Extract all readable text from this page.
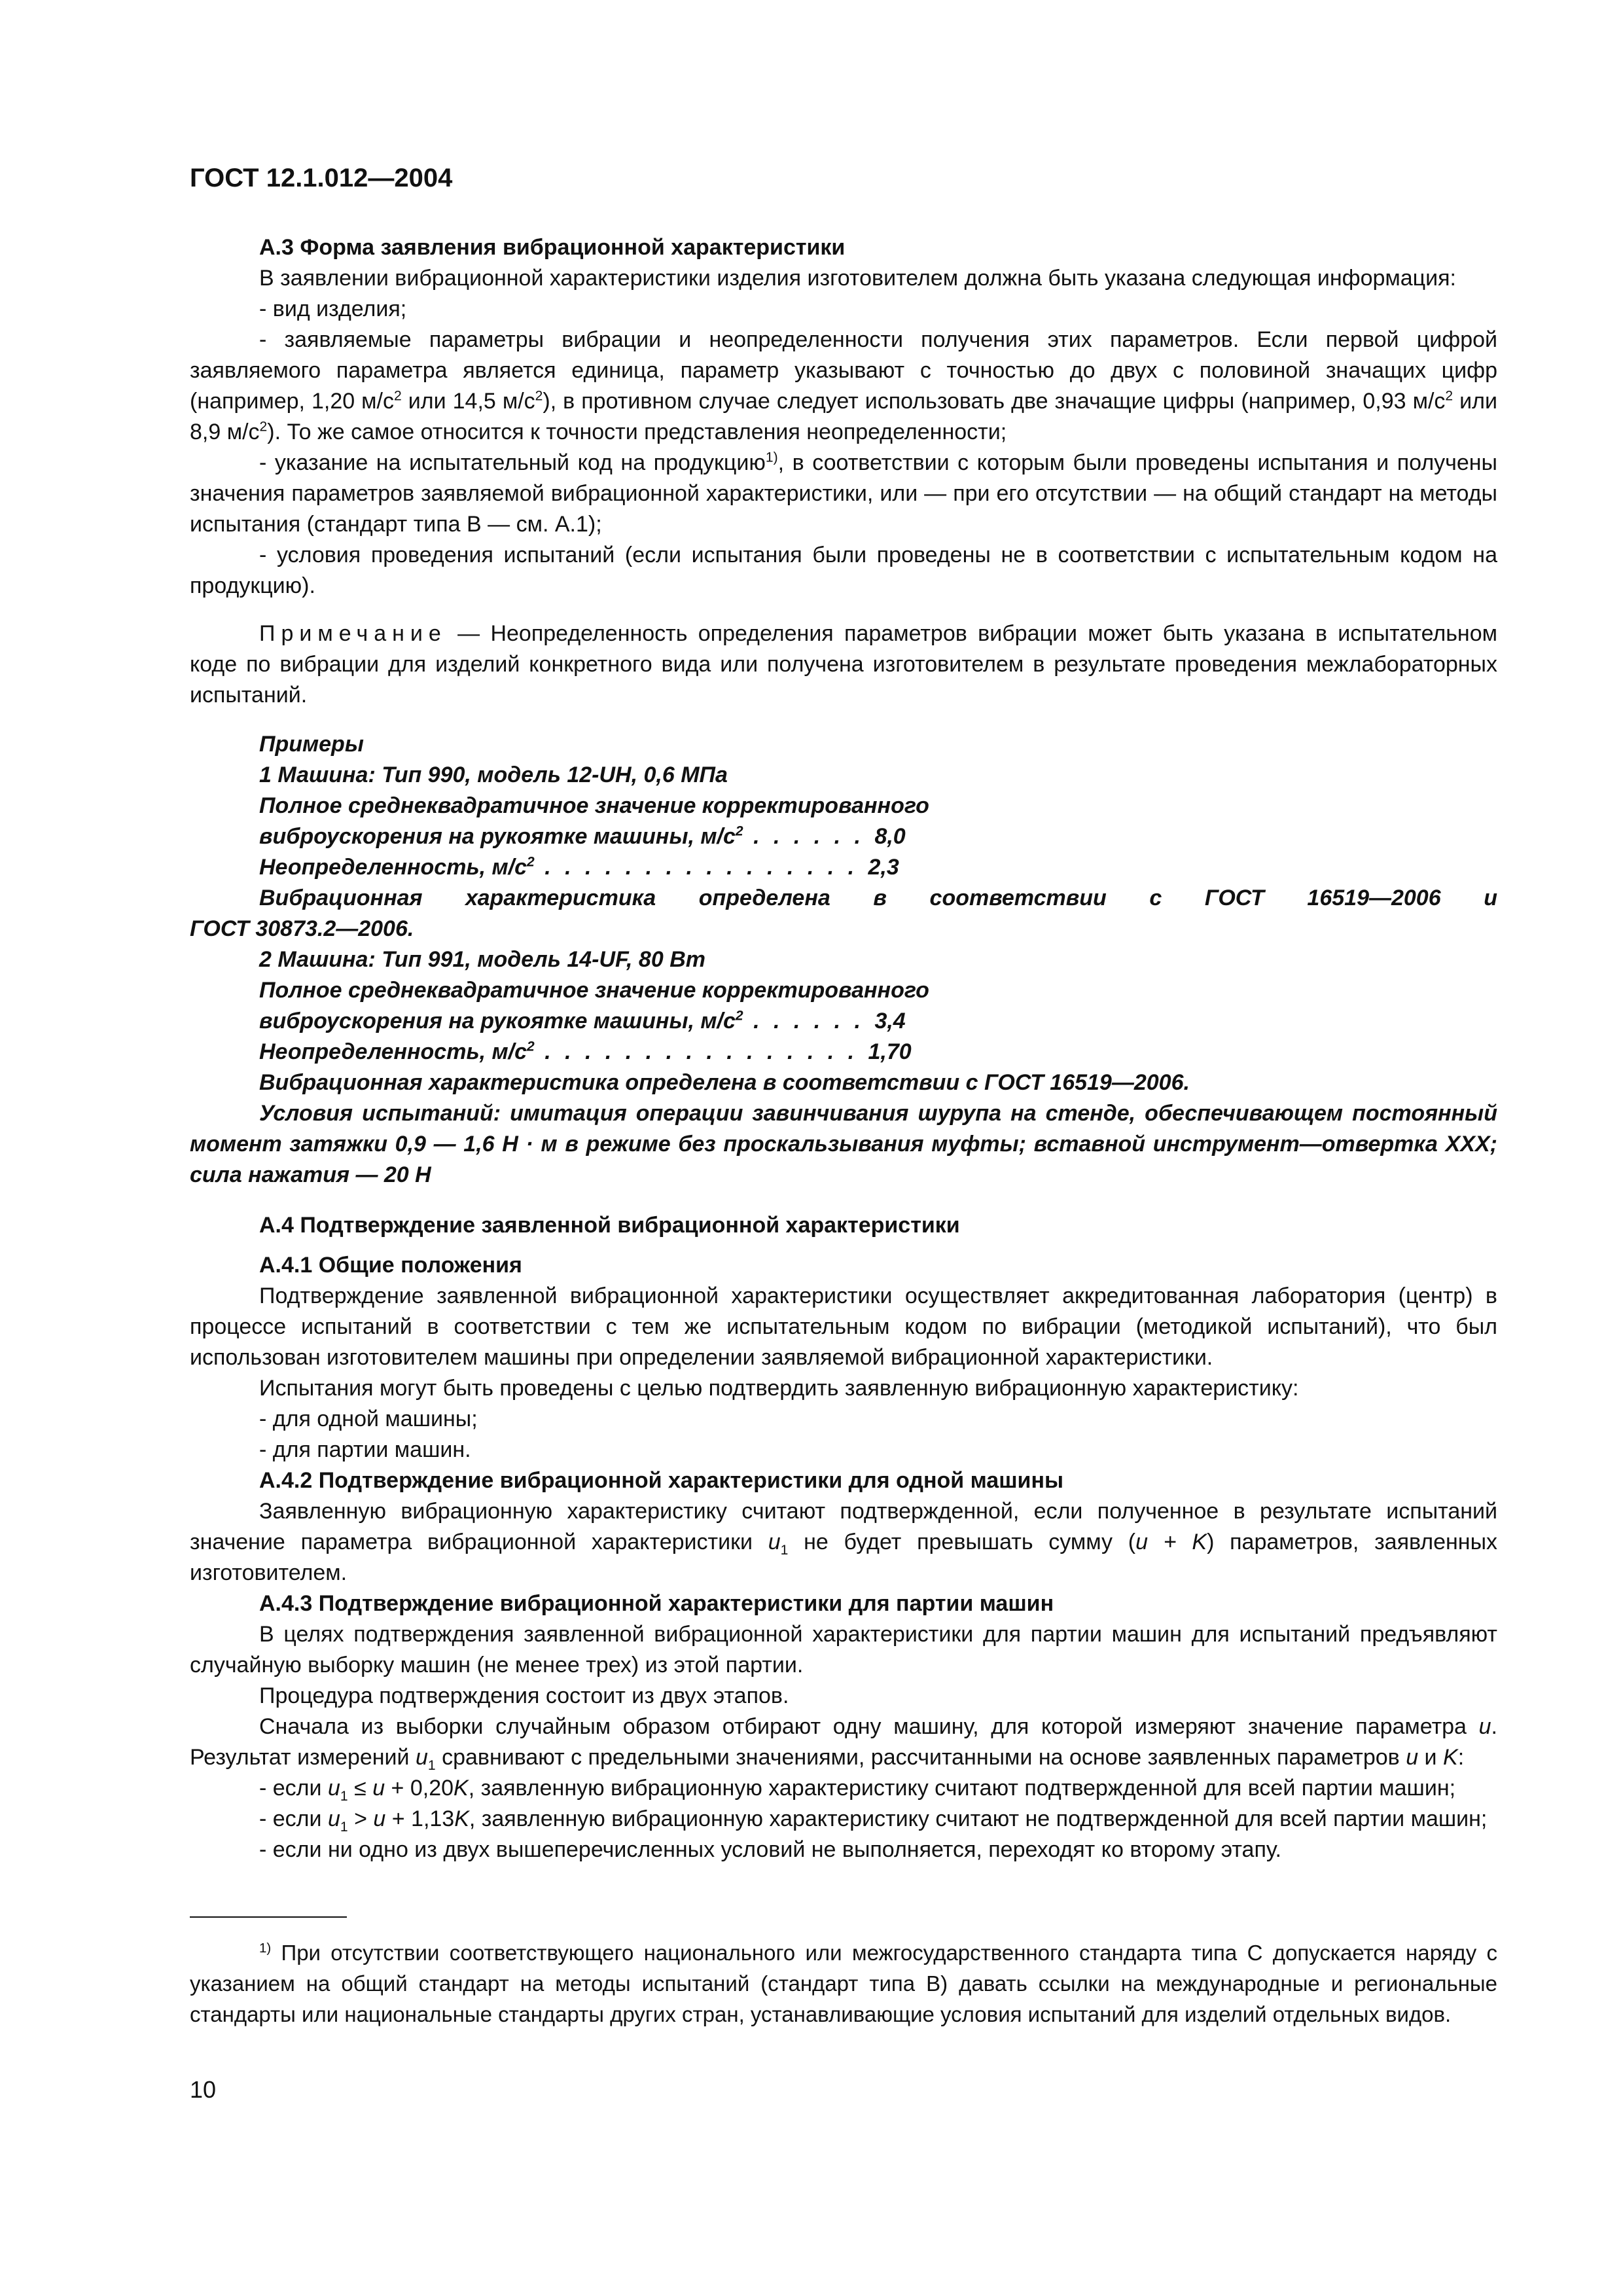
ГОСТ 12.1.012—2004

А.3 Форма заявления вибрационной характеристики

В заявлении вибрационной характеристики изделия изготовителем должна быть указана следующая информация:

- вид изделия;

- заявляемые параметры вибрации и неопределенности получения этих параметров. Если первой цифрой заявляемого параметра является единица, параметр указывают с точностью до двух с половиной значащих цифр (например, 1,20 $м/с^2$ или 14,5 $м/с^2$), в противном случае следует использовать две значащие цифры (например, 0,93 $м/с^2$ или 8,9 $м/с^2$). То же самое относится к точности представления неопределенности;

- указание на испытательный код на продукцию$^{1)}$, в соответствии с которым были проведены испытания и получены значения параметров заявляемой вибрационной характеристики, или — при его отсутствии — на общий стандарт на методы испытания (стандарт типа В — см. А.1);

- условия проведения испытаний (если испытания были проведены не в соответствии с испытательным кодом на продукцию).

Примечание — Неопределенность определения параметров вибрации может быть указана в испытательном коде по вибрации для изделий конкретного вида или получена изготовителем в результате проведения межлабораторных испытаний.

Примеры

1 Машина: Тип 990, модель 12-UH, 0,6 МПа

Полное среднеквадратичное значение корректированного

виброускорения на рукоятке машины, $м/с^2$ . . . . . . 8,0

Неопределенность, $м/с^2$ . . . . . . . . . . . . . . . . 2,3

Вибрационная характеристика определена в соответствии с ГОСТ 16519—2006 и

ГОСТ 30873.2—2006.

2 Машина: Тип 991, модель 14-UF, 80 Вт

Полное среднеквадратичное значение корректированного

виброускорения на рукоятке машины, $м/с^2$ . . . . . . 3,4

Неопределенность, $м/с^2$ . . . . . . . . . . . . . . . . 1,70

Вибрационная характеристика определена в соответствии с ГОСТ 16519—2006.

Условия испытаний: имитация операции завинчивания шурупа на стенде, обеспечивающем постоянный момент затяжки 0,9 — 1,6 Н · м в режиме без проскальзывания муфты; вставной инструмент—отвертка ХХХ; сила нажатия — 20 Н

А.4 Подтверждение заявленной вибрационной характеристики

А.4.1 Общие положения

Подтверждение заявленной вибрационной характеристики осуществляет аккредитованная лаборатория (центр) в процессе испытаний в соответствии с тем же испытательным кодом по вибрации (методикой испытаний), что был использован изготовителем машины при определении заявляемой вибрационной характеристики.

Испытания могут быть проведены с целью подтвердить заявленную вибрационную характеристику:

- для одной машины;

- для партии машин.

А.4.2 Подтверждение вибрационной характеристики для одной машины

Заявленную вибрационную характеристику считают подтвержденной, если полученное в результате испытаний значение параметра вибрационной характеристики $u_1$ не будет превышать сумму (u + K) параметров, заявленных изготовителем.

А.4.3 Подтверждение вибрационной характеристики для партии машин

В целях подтверждения заявленной вибрационной характеристики для партии машин для испытаний предъявляют случайную выборку машин (не менее трех) из этой партии.

Процедура подтверждения состоит из двух этапов.

Сначала из выборки случайным образом отбирают одну машину, для которой измеряют значение параметра u. Результат измерений $u_1$ сравнивают с предельными значениями, рассчитанными на основе заявленных параметров u и K:

- если $u_1 \le u + 0,20K$, заявленную вибрационную характеристику считают подтвержденной для всей партии машин;

- если $u_1 > u + 1,13K$, заявленную вибрационную характеристику считают не подтвержденной для всей партии машин;

- если ни одно из двух вышеперечисленных условий не выполняется, переходят ко второму этапу.

$^{1)}$ При отсутствии соответствующего национального или межгосударственного стандарта типа С допускается наряду с указанием на общий стандарт на методы испытаний (стандарт типа В) давать ссылки на международные и региональные стандарты или национальные стандарты других стран, устанавливающие условия испытаний для изделий отдельных видов.

10
